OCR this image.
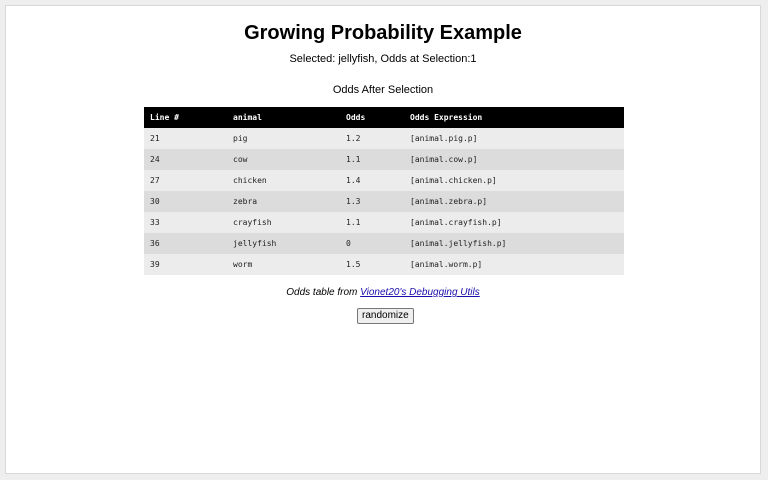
Growing Probability Example
Selected: jellyfish, Odds at Selection:1
Odds After Selection
Line #	animal	Odds	Odds Expression
21	pig	1.2	[animal.pig.p]
24	cow	1.1	[animal.cow.p]
27	chicken	1.4	[animal.chicken.p]
30	zebra	1.3	[animal.zebra.p]
33	crayfish	1.1	[animal.crayfish.p]
36	jellyfish	0	[animal.jellyfish.p]
39	worm	1.5	[animal.worm.p]
Odds table from Vionet20's Debugging Utils
randomize
